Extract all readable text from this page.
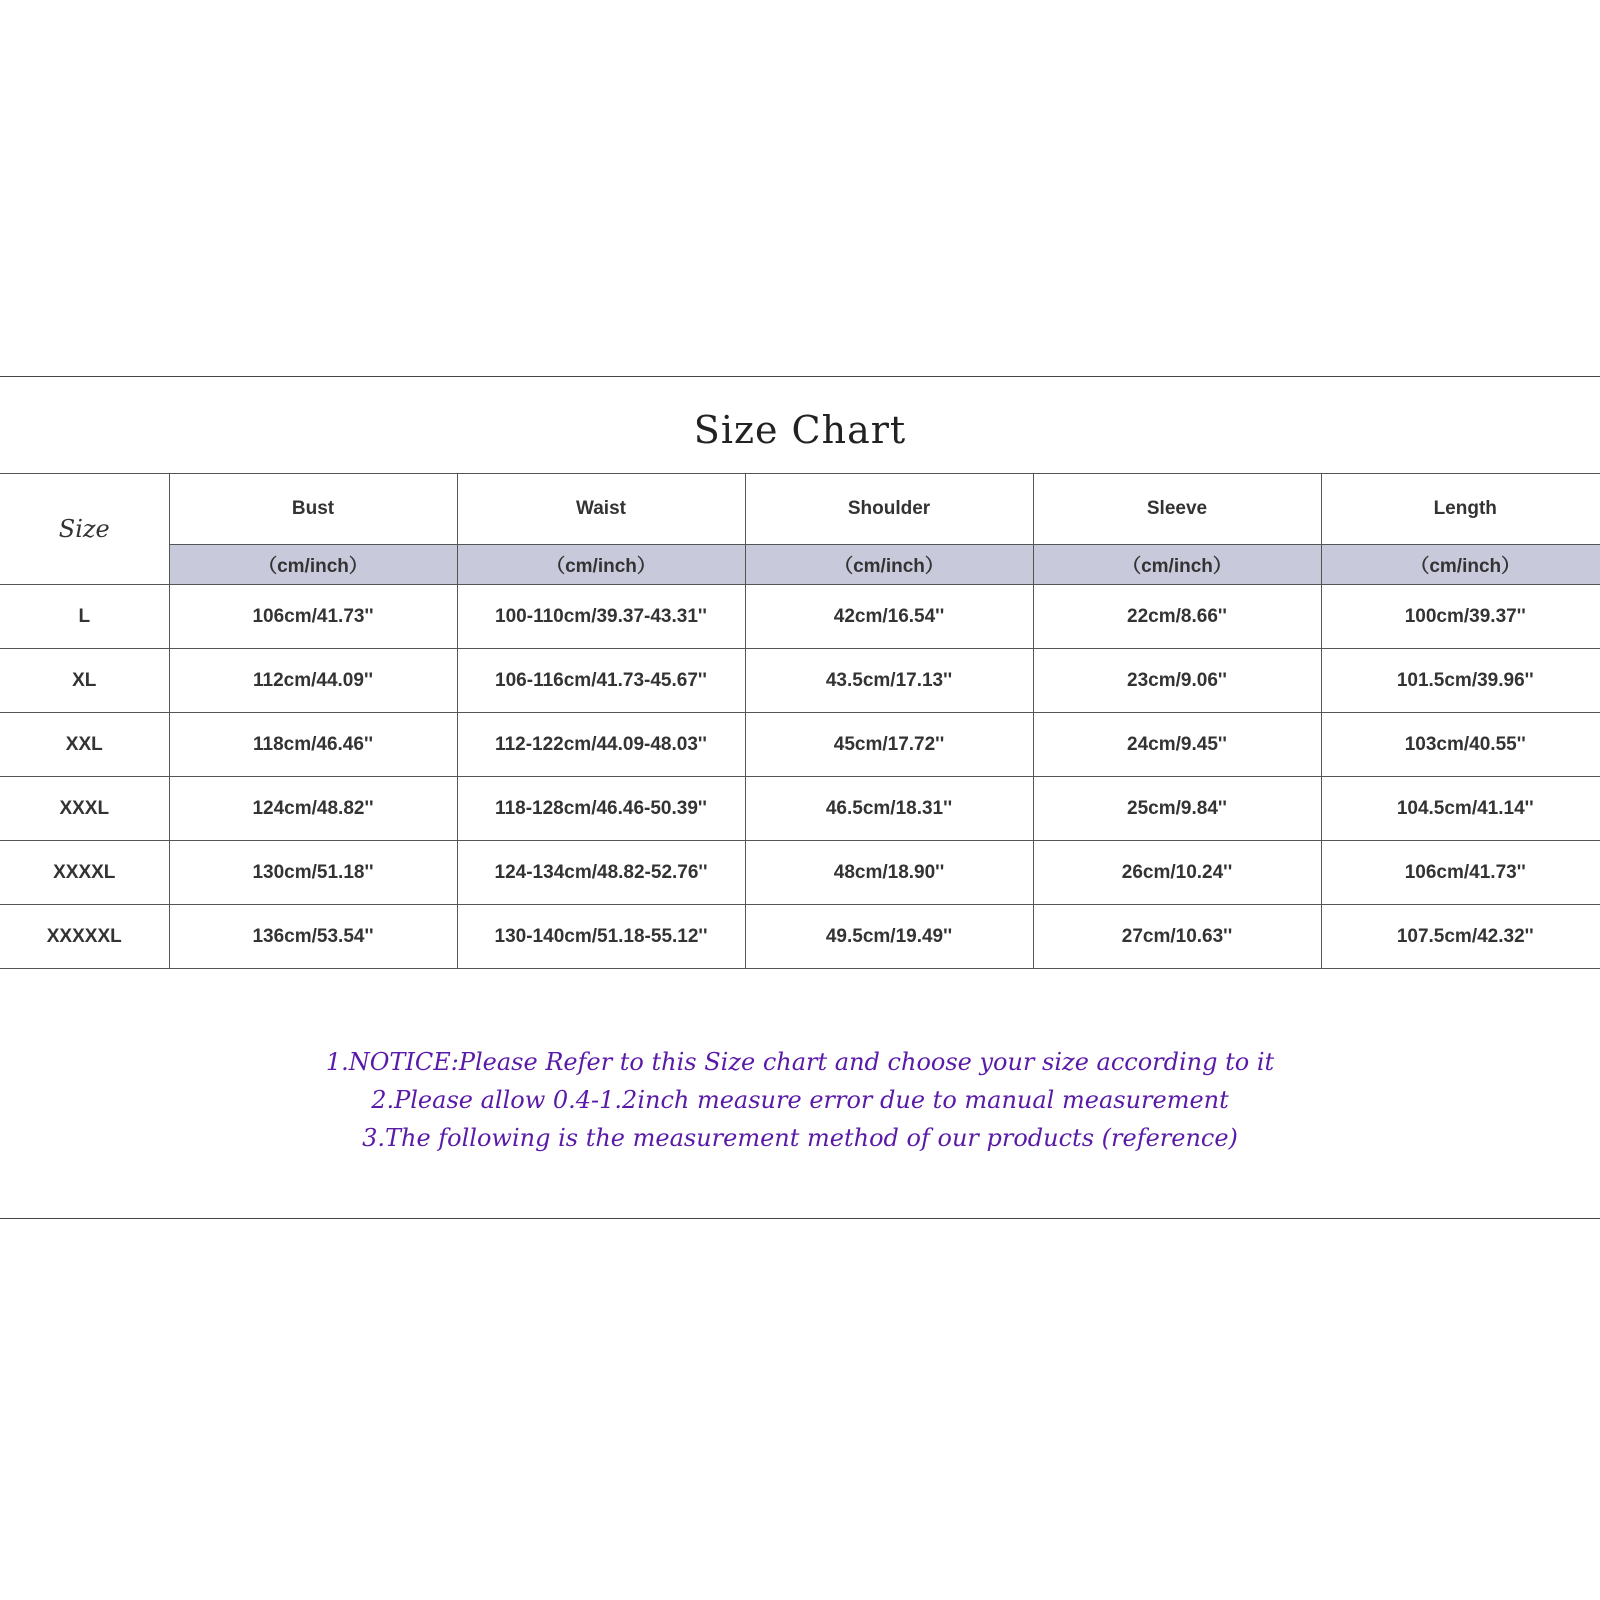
Size Chart
Size	Bust	Waist	Shoulder	Sleeve	Length
	（cm/inch）	（cm/inch）	（cm/inch）	（cm/inch）	（cm/inch）
L	106cm/41.73''	100-110cm/39.37-43.31''	42cm/16.54''	22cm/8.66''	100cm/39.37''
XL	112cm/44.09''	106-116cm/41.73-45.67''	43.5cm/17.13''	23cm/9.06''	101.5cm/39.96''
XXL	118cm/46.46''	112-122cm/44.09-48.03''	45cm/17.72''	24cm/9.45''	103cm/40.55''
XXXL	124cm/48.82''	118-128cm/46.46-50.39''	46.5cm/18.31''	25cm/9.84''	104.5cm/41.14''
XXXXL	130cm/51.18''	124-134cm/48.82-52.76''	48cm/18.90''	26cm/10.24''	106cm/41.73''
XXXXXL	136cm/53.54''	130-140cm/51.18-55.12''	49.5cm/19.49''	27cm/10.63''	107.5cm/42.32''
1.NOTICE:Please Refer to this Size chart and choose your size according to it
2.Please allow 0.4-1.2inch measure error due to manual measurement
3.The following is the measurement method of our products (reference)
